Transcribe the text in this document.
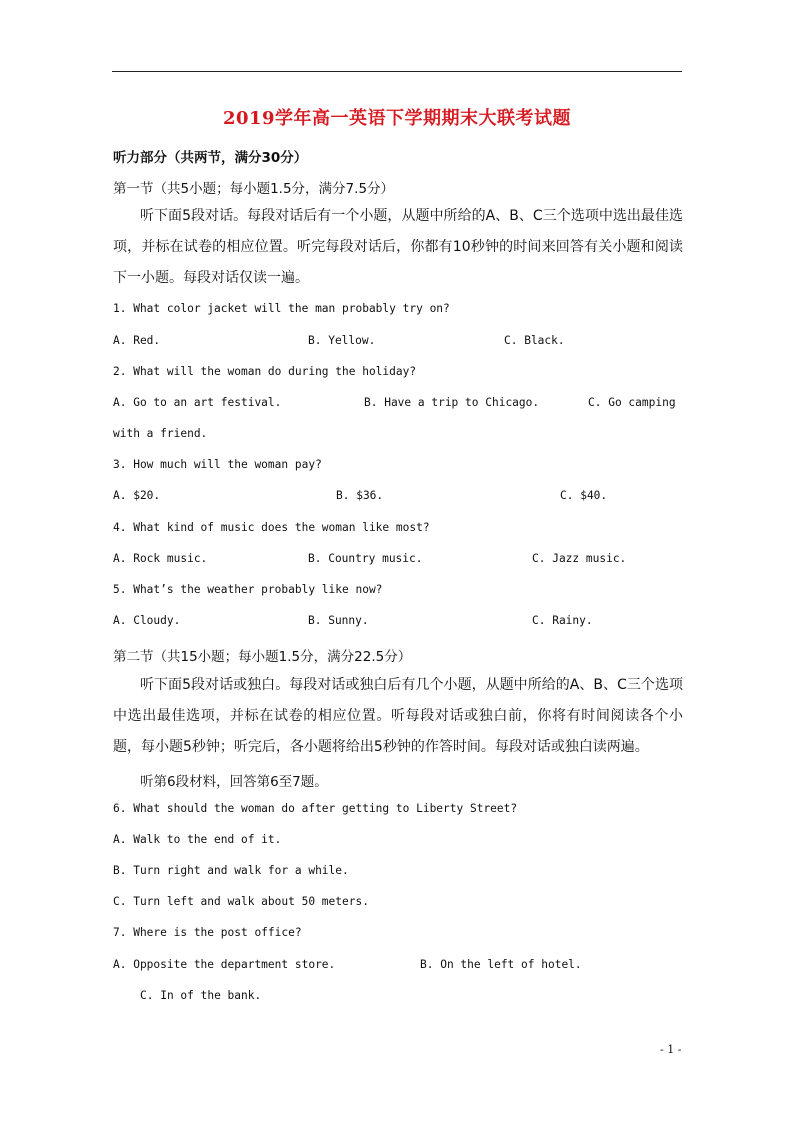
2019学年高一英语下学期期末大联考试题
听力部分（共两节，满分30分）
第一节（共5小题；每小题1.5分，满分7.5分）
听下面5段对话。每段对话后有一个小题，从题中所给的A、B、C三个选项中选出最佳选项，并标在试卷的相应位置。听完每段对话后，你都有10秒钟的时间来回答有关小题和阅读下一小题。每段对话仅读一遍。
1. What color jacket will the man probably try on?
A. Red.	B. Yellow.	C. Black.
2. What will the woman do during the holiday?
A. Go to an art festival.	B. Have a trip to Chicago.	C. Go camping
with a friend.
3. How much will the woman pay?
A. $20.	B. $36.	C. $40.
4. What kind of music does the woman like most?
A. Rock music.	B. Country music.	C. Jazz music.
5. What’s the weather probably like now?
A. Cloudy.	B. Sunny.	C. Rainy.
第二节（共15小题；每小题1.5分，满分22.5分）
听下面5段对话或独白。每段对话或独白后有几个小题，从题中所给的A、B、C三个选项中选出最佳选项，并标在试卷的相应位置。听每段对话或独白前，你将有时间阅读各个小题，每小题5秒钟；听完后，各小题将给出5秒钟的作答时间。每段对话或独白读两遍。
听第6段材料，回答第6至7题。
6. What should the woman do after getting to Liberty Street?
A. Walk to the end of it.
B. Turn right and walk for a while.
C. Turn left and walk about 50 meters.
7. Where is the post office?
A. Opposite the department store.	B. On the left of hotel.
C. In of the bank.
- 1 -
